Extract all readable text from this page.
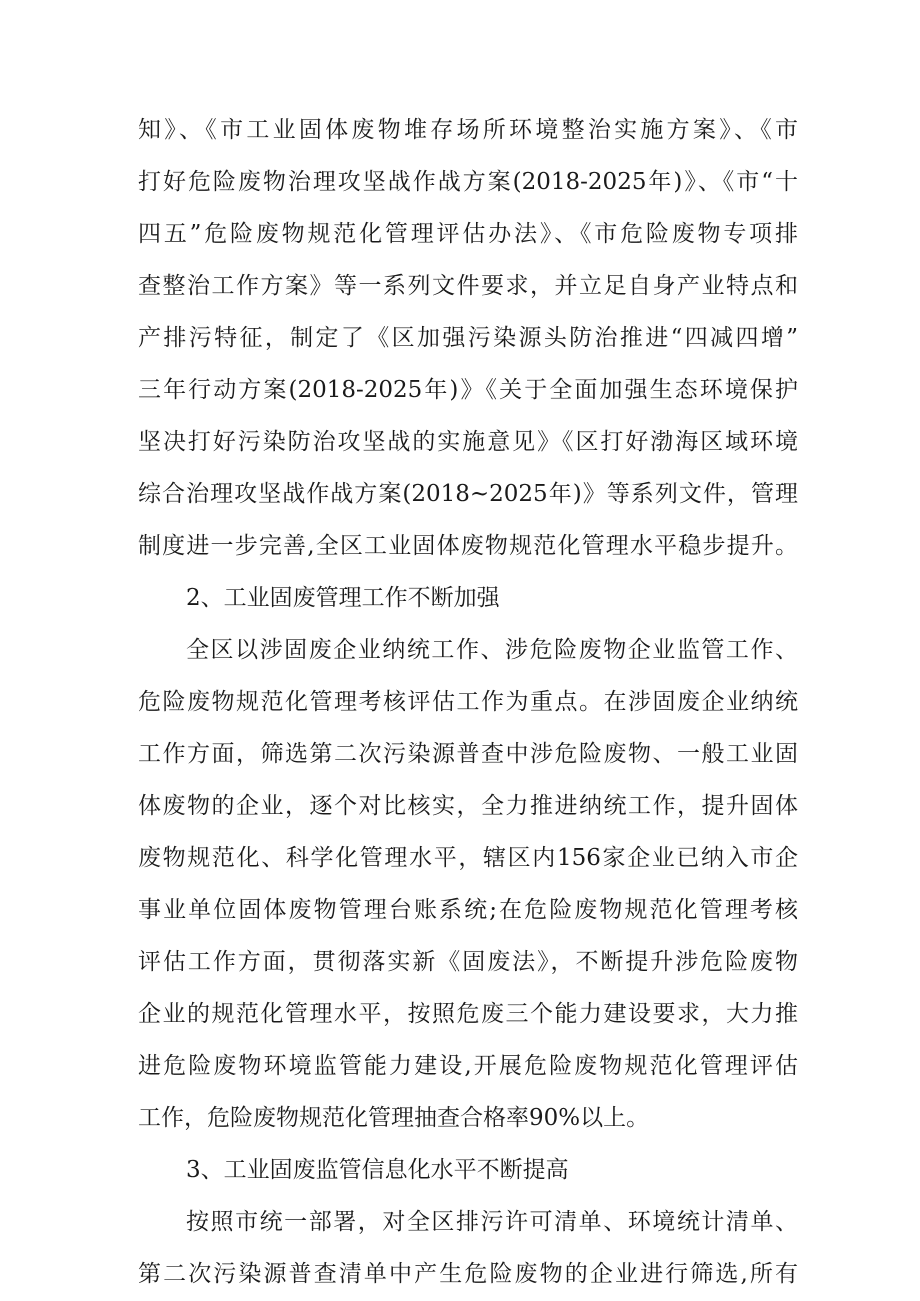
知》、《市工业固体废物堆存场所环境整治实施方案》、《市
打好危险废物治理攻坚战作战方案(2018-2025年)》、《市“十
四五”危险废物规范化管理评估办法》、《市危险废物专项排
查整治工作方案》等一系列文件要求，并立足自身产业特点和
产排污特征，制定了《区加强污染源头防治推进“四减四增”
三年行动方案(2018-2025年)》《关于全面加强生态环境保护
坚决打好污染防治攻坚战的实施意见》《区打好渤海区域环境
综合治理攻坚战作战方案(2018~2025年)》等系列文件，管理
制度进一步完善,全区工业固体废物规范化管理水平稳步提升。
2、工业固废管理工作不断加强
全区以涉固废企业纳统工作、涉危险废物企业监管工作、
危险废物规范化管理考核评估工作为重点。在涉固废企业纳统
工作方面，筛选第二次污染源普查中涉危险废物、一般工业固
体废物的企业，逐个对比核实，全力推进纳统工作，提升固体
废物规范化、科学化管理水平，辖区内156家企业已纳入市企
事业单位固体废物管理台账系统;在危险废物规范化管理考核
评估工作方面，贯彻落实新《固废法》，不断提升涉危险废物
企业的规范化管理水平，按照危废三个能力建设要求，大力推
进危险废物环境监管能力建设,开展危险废物规范化管理评估
工作，危险废物规范化管理抽查合格率90%以上。
3、工业固废监管信息化水平不断提高
按照市统一部署，对全区排污许可清单、环境统计清单、
第二次污染源普查清单中产生危险废物的企业进行筛选,所有
